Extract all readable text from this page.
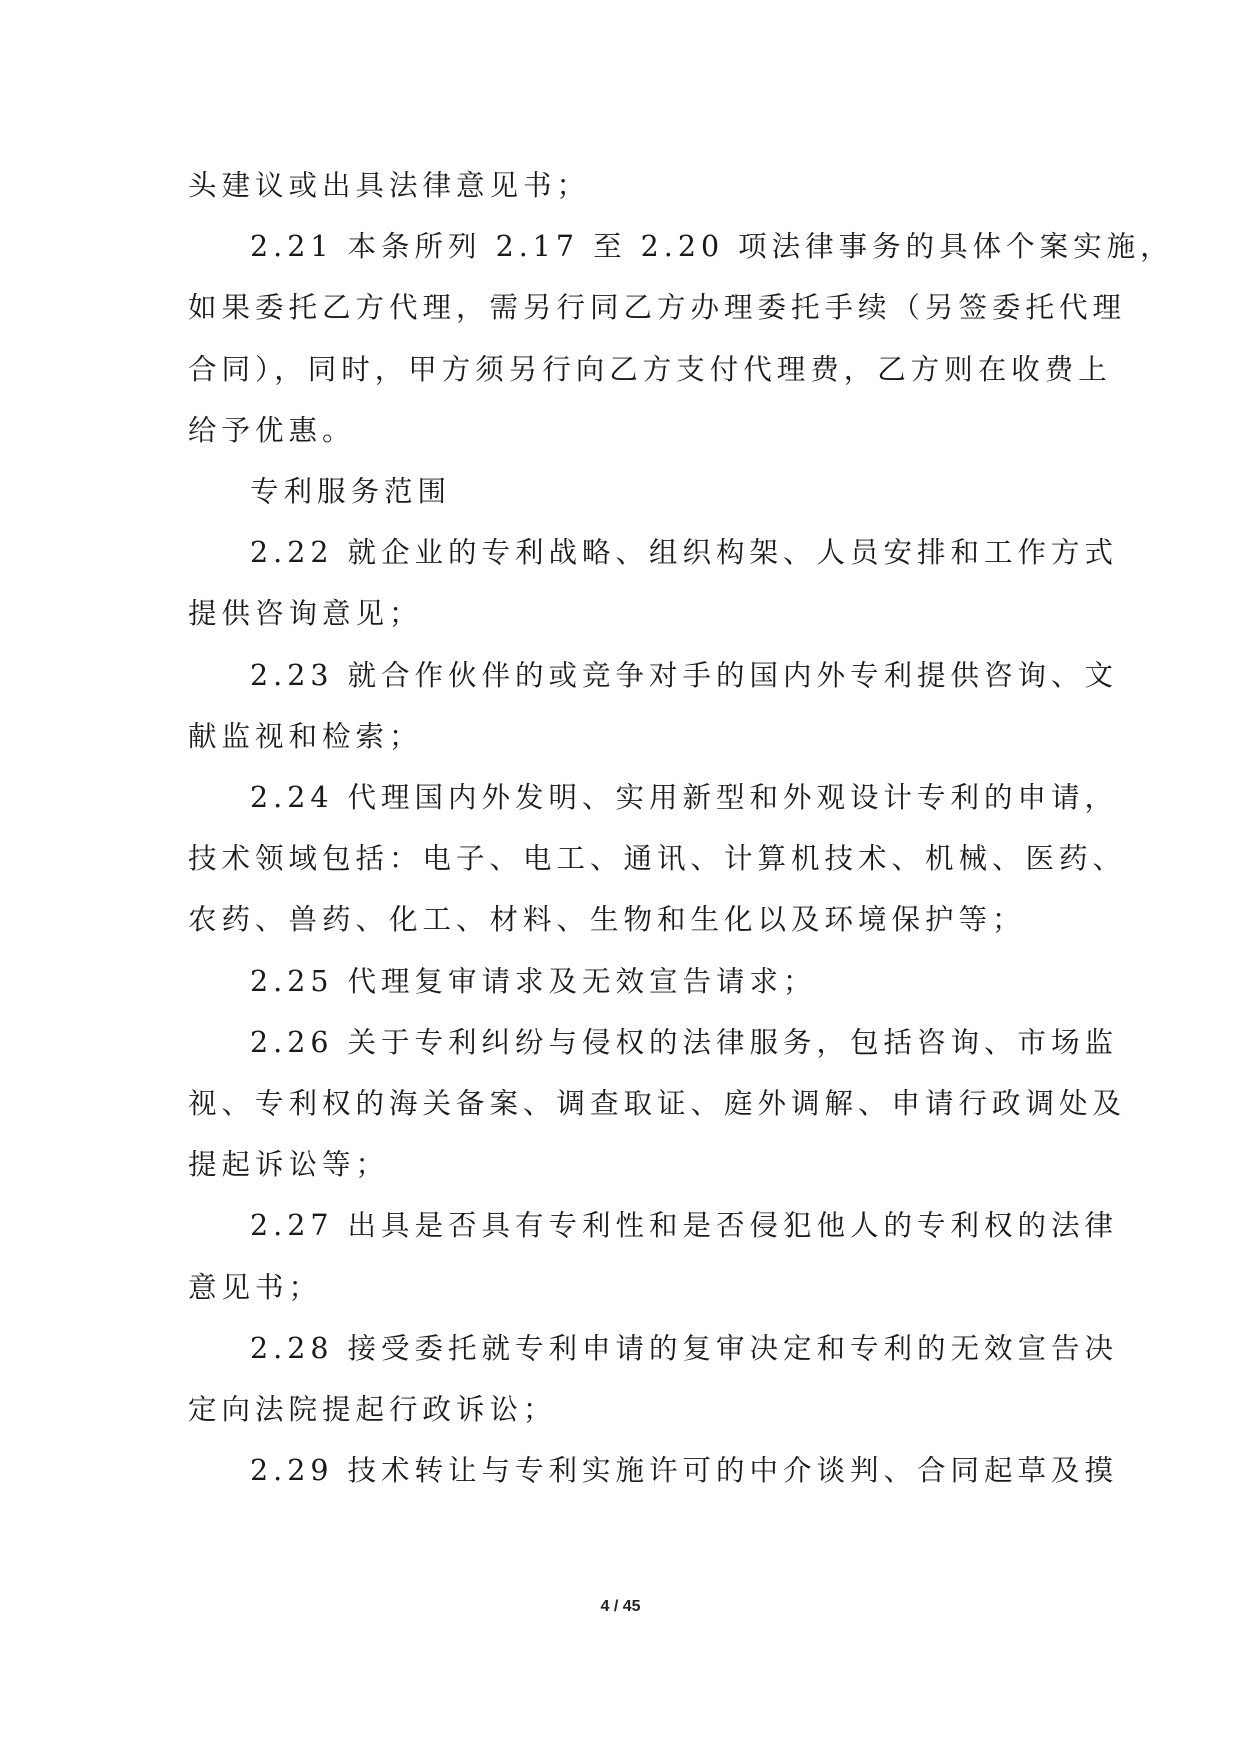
头建议或出具法律意见书；

2.21 本条所列 2.17 至 2.20 项法律事务的具体个案实施，

如果委托乙方代理，需另行同乙方办理委托手续（另签委托代理

合同），同时，甲方须另行向乙方支付代理费，乙方则在收费上

给予优惠。

专利服务范围

2.22 就企业的专利战略、组织构架、人员安排和工作方式

提供咨询意见；

2.23 就合作伙伴的或竞争对手的国内外专利提供咨询、文

献监视和检索；

2.24 代理国内外发明、实用新型和外观设计专利的申请，

技术领域包括：电子、电工、通讯、计算机技术、机械、医药、

农药、兽药、化工、材料、生物和生化以及环境保护等；

2.25 代理复审请求及无效宣告请求；

2.26 关于专利纠纷与侵权的法律服务，包括咨询、市场监

视、专利权的海关备案、调查取证、庭外调解、申请行政调处及

提起诉讼等；

2.27 出具是否具有专利性和是否侵犯他人的专利权的法律

意见书；

2.28 接受委托就专利申请的复审决定和专利的无效宣告决

定向法院提起行政诉讼；

2.29 技术转让与专利实施许可的中介谈判、合同起草及摸

4 / 45
